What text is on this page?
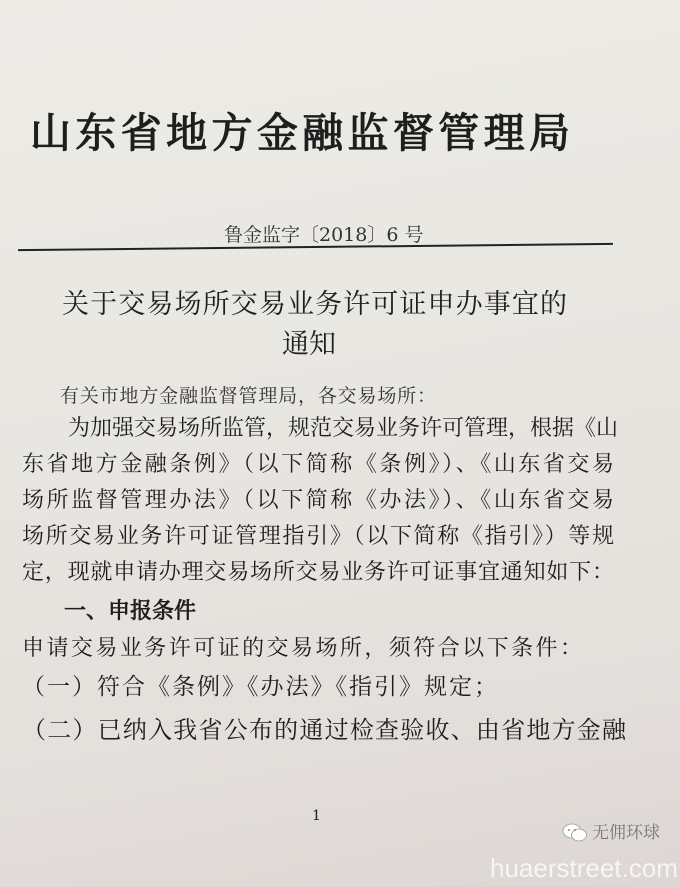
山东省地方金融监督管理局
鲁金监字〔2018〕6 号
关于交易场所交易业务许可证申办事宜的
通知
有关市地方金融监督管理局，各交易场所：
为加强交易场所监管，规范交易业务许可管理，根据《山
东省地方金融条例》（以下简称《条例》）、《山东省交易
场所监督管理办法》（以下简称《办法》）、《山东省交易
场所交易业务许可证管理指引》（以下简称《指引》）等规
定，现就申请办理交易场所交易业务许可证事宜通知如下：
一、申报条件
申请交易业务许可证的交易场所，须符合以下条件：
（一）符合《条例》《办法》《指引》规定；
（二）已纳入我省公布的通过检查验收、由省地方金融
1
huaerstreet.com
无佣环球
